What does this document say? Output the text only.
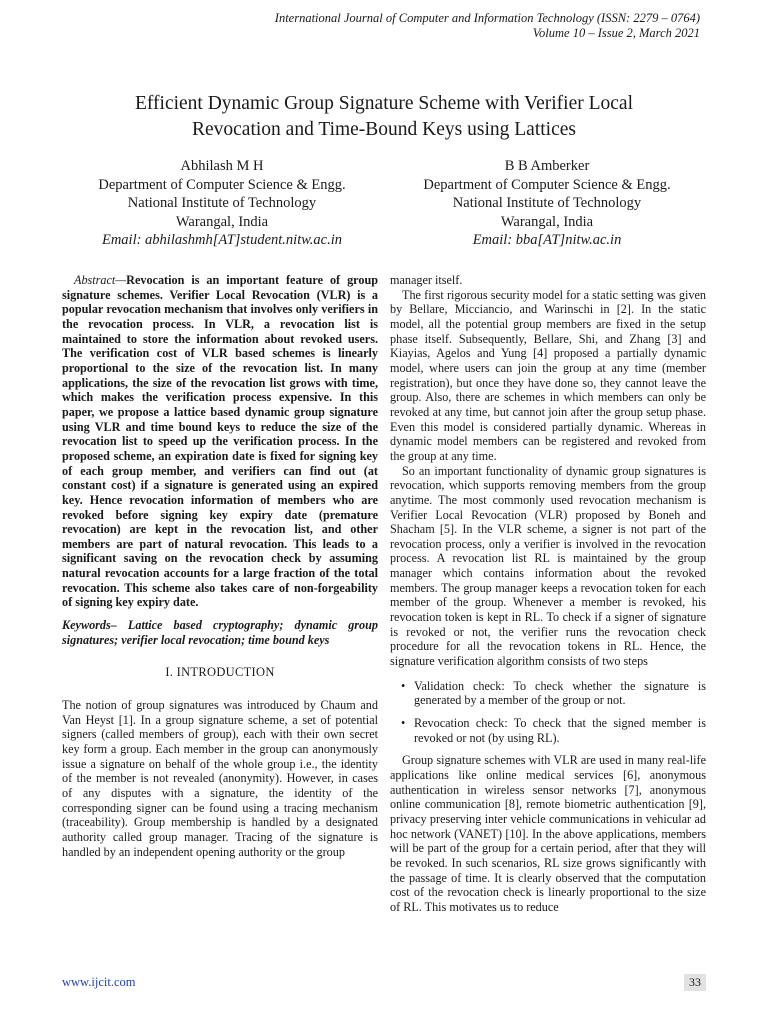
International Journal of Computer and Information Technology (ISSN: 2279 – 0764)
Volume 10 – Issue 2, March 2021
Efficient Dynamic Group Signature Scheme with Verifier Local
Revocation and Time-Bound Keys using Lattices
Abhilash M H
Department of Computer Science & Engg.
National Institute of Technology
Warangal, India
Email: abhilashmh[AT]student.nitw.ac.in
B B Amberker
Department of Computer Science & Engg.
National Institute of Technology
Warangal, India
Email: bba[AT]nitw.ac.in

Abstract—Revocation is an important feature of group signature schemes. Verifier Local Revocation (VLR) is a popular revocation mechanism that involves only verifiers in the revocation process. In VLR, a revocation list is maintained to store the information about revoked users. The verification cost of VLR based schemes is linearly proportional to the size of the revocation list. In many applications, the size of the revocation list grows with time, which makes the verification process expensive. In this paper, we propose a lattice based dynamic group signature using VLR and time bound keys to reduce the size of the revocation list to speed up the verification process. In the proposed scheme, an expiration date is fixed for signing key of each group member, and verifiers can find out (at constant cost) if a signature is generated using an expired key. Hence revocation information of members who are revoked before signing key expiry date (premature revocation) are kept in the revocation list, and other members are part of natural revocation. This leads to a significant saving on the revocation check by assuming natural revocation accounts for a large fraction of the total revocation. This scheme also takes care of non-forgeability of signing key expiry date.

Keywords– Lattice based cryptography; dynamic group signatures; verifier local revocation; time bound keys

I. INTRODUCTION

The notion of group signatures was introduced by Chaum and Van Heyst [1]. In a group signature scheme, a set of potential signers (called members of group), each with their own secret key form a group. Each member in the group can anonymously issue a signature on behalf of the whole group i.e., the identity of the member is not revealed (anonymity). However, in cases of any disputes with a signature, the identity of the corresponding signer can be found using a tracing mechanism (traceability). Group membership is handled by a designated authority called group manager. Tracing of the signature is handled by an independent opening authority or the group

manager itself.

The first rigorous security model for a static setting was given by Bellare, Micciancio, and Warinschi in [2]. In the static model, all the potential group members are fixed in the setup phase itself. Subsequently, Bellare, Shi, and Zhang [3] and Kiayias, Agelos and Yung [4] proposed a partially dynamic model, where users can join the group at any time (member registration), but once they have done so, they cannot leave the group. Also, there are schemes in which members can only be revoked at any time, but cannot join after the group setup phase. Even this model is considered partially dynamic. Whereas in dynamic model members can be registered and revoked from the group at any time.

So an important functionality of dynamic group signatures is revocation, which supports removing members from the group anytime. The most commonly used revocation mechanism is Verifier Local Revocation (VLR) proposed by Boneh and Shacham [5]. In the VLR scheme, a signer is not part of the revocation process, only a verifier is involved in the revocation process. A revocation list RL is maintained by the group manager which contains information about the revoked members. The group manager keeps a revocation token for each member of the group. Whenever a member is revoked, his revocation token is kept in RL. To check if a signer of signature is revoked or not, the verifier runs the revocation check procedure for all the revocation tokens in RL. Hence, the signature verification algorithm consists of two steps

• Validation check: To check whether the signature is generated by a member of the group or not.
• Revocation check: To check that the signed member is revoked or not (by using RL).

Group signature schemes with VLR are used in many real-life applications like online medical services [6], anonymous authentication in wireless sensor networks [7], anonymous online communication [8], remote biometric authentication [9], privacy preserving inter vehicle communications in vehicular ad hoc network (VANET) [10]. In the above applications, members will be part of the group for a certain period, after that they will be revoked. In such scenarios, RL size grows significantly with the passage of time. It is clearly observed that the computation cost of the revocation check is linearly proportional to the size of RL. This motivates us to reduce

www.ijcit.com	33
